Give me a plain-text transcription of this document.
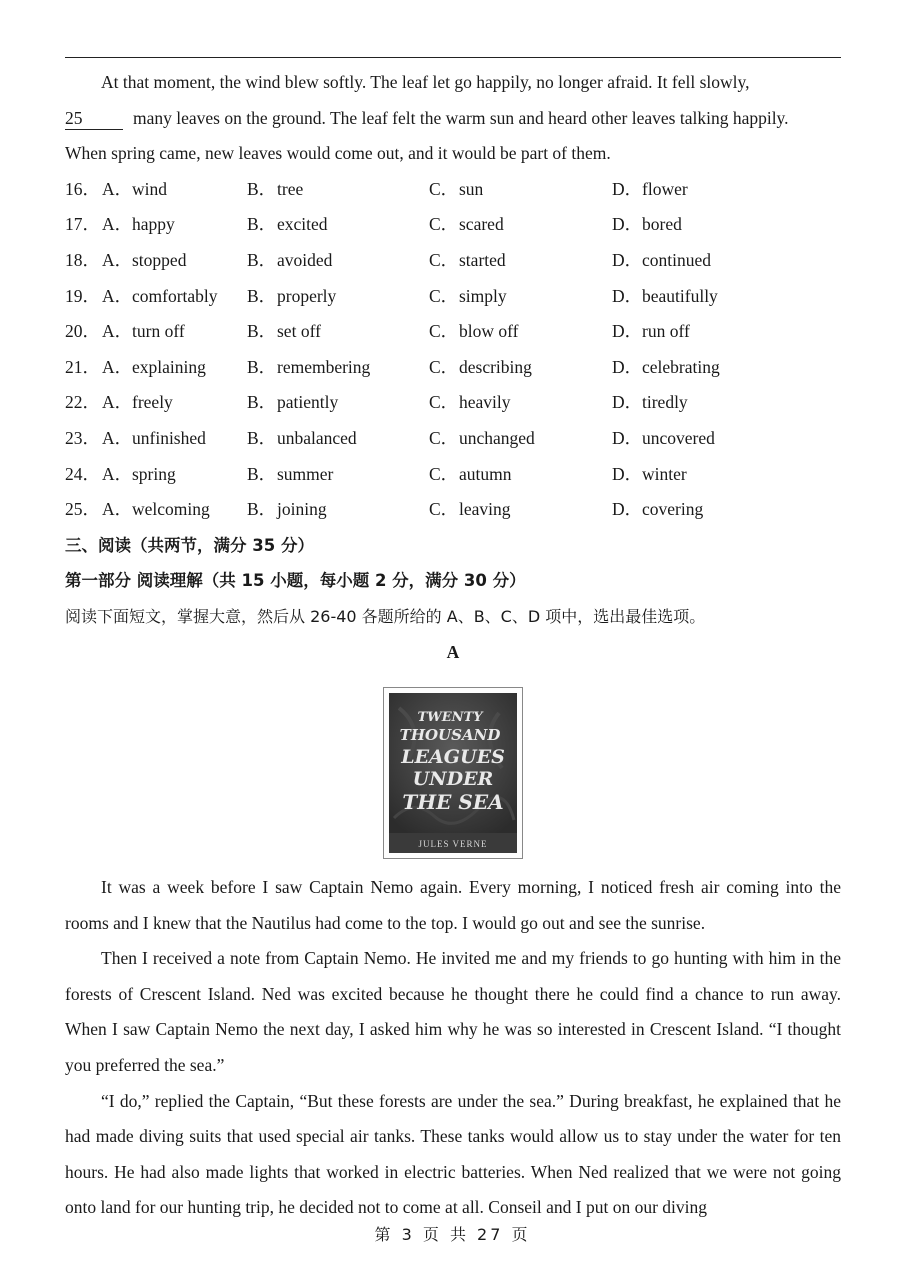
At that moment, the wind blew softly. The leaf let go happily, no longer afraid. It fell slowly,

25	many leaves on the ground. The leaf felt the warm sun and heard other leaves talking happily.

When spring came, new leaves would come out, and it would be part of them.

16． A． wind	B． tree	C． sun	D． flower
17． A． happy	B． excited	C． scared	D． bored
18． A． stopped	B． avoided	C． started	D． continued
19． A． comfortably B． properly	C． simply	D． beautifully
20． A． turn off	B． set off	C． blow off	D． run off
21． A． explaining B． remembering	C． describing	D． celebrating
22． A． freely	B． patiently	C． heavily	D． tiredly
23． A． unfinished B． unbalanced	C． unchanged	D． uncovered
24． A． spring	B． summer	C． autumn	D． winter
25． A． welcoming B． joining	C． leaving	D． covering

三、阅读（共两节，满分 35 分）

第一部分 阅读理解（共 15 小题，每小题 2 分，满分 30 分）

阅读下面短文，掌握大意，然后从 26-40 各题所给的 A、B、C、D 项中，选出最佳选项。

A

TWENTY
THOUSAND
LEAGUES
UNDER
THE SEA
JULES VERNE

It was a week before I saw Captain Nemo again. Every morning, I noticed fresh air coming into the rooms and I knew that the Nautilus had come to the top. I would go out and see the sunrise.

Then I received a note from Captain Nemo. He invited me and my friends to go hunting with him in the forests of Crescent Island. Ned was excited because he thought there he could find a chance to run away. When I saw Captain Nemo the next day, I asked him why he was so interested in Crescent Island. “I thought you preferred the sea.”

“I do,” replied the Captain, “But these forests are under the sea.” During breakfast, he explained that he had made diving suits that used special air tanks. These tanks would allow us to stay under the water for ten hours. He had also made lights that worked in electric batteries. When Ned realized that we were not going onto land for our hunting trip, he decided not to come at all. Conseil and I put on our diving

第 3 页 共 27 页
